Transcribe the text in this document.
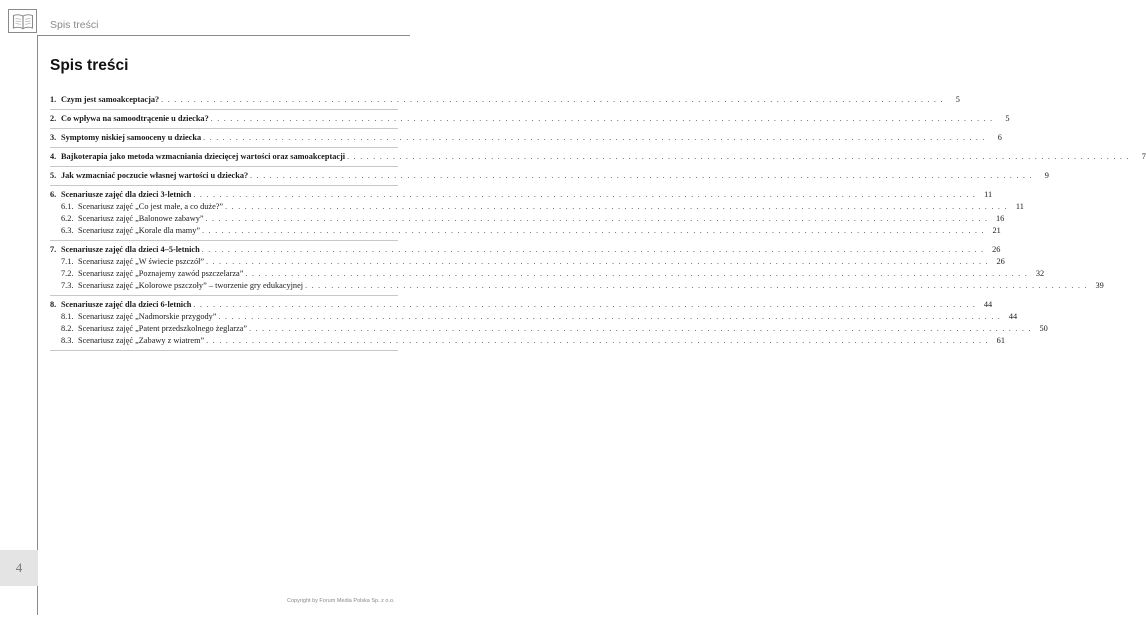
Spis treści
Spis treści
1. Czym jest samoakceptacja? . . . . . . . . . . . . . . . . . . . . . . . . . . . . . . . . . . . . . . . . . . . . . . . . . . . . . . . . . . . . . . . . . . . . . . . . . . . . . . . . . . . . . . . . . . . . . . . . . . . . . . . . . . . . . . . . . . . . . . . .	5
2. Co wpływa na samoodtrącenie u dziecka? . . . . . . . . . . . . . . . . . . . . . . . . . . . . . . . . . . . . . . . . . . . . . . . . . . . . . . . . . . . . . . . . . . . . . . . . . . . . . . . . . . . . . . . . . . . . . . . . . . . . . . . . . . . . . . . . . . . . . . . .	5
3. Symptomy niskiej samooceny u dziecka . . . . . . . . . . . . . . . . . . . . . . . . . . . . . . . . . . . . . . . . . . . . . . . . . . . . . . . . . . . . . . . . . . . . . . . . . . . . . . . . . . . . . . . . . . . . . . . . . . . . . . . . . . . . . . . . . . . . . . . .	6
4. Bajkoterapia jako metoda wzmacniania dziecięcej wartości oraz samoakceptacji . . . . . . . . . . . . . . . . . . . . . . . . . . . . . . . . . . . . . . . . . . . . . . . . . . . . . . . . . . . . . . . . . . . . . . . . . . . . . . . . . . . . . . . . . . . . . . . . . . . . . . . . . . . . . . . . . . . . . . . .	7
5. Jak wzmacniać poczucie własnej wartości u dziecka? . . . . . . . . . . . . . . . . . . . . . . . . . . . . . . . . . . . . . . . . . . . . . . . . . . . . . . . . . . . . . . . . . . . . . . . . . . . . . . . . . . . . . . . . . . . . . . . . . . . . . . . . . . . . . . . . . . . . . . . .	9
6. Scenariusze zajęć dla dzieci 3-letnich . . . . . . . . . . . . . . . . . . . . . . . . . . . . . . . . . . . . . . . . . . . . . . . . . . . . . . . . . . . . . . . . . . . . . . . . . . . . . . . . . . . . . . . . . . . . . . . . . . . . . . . . . . . . . . . . . . . . . . . . 11
6.1. Scenariusz zajęć „Co jest małe, a co duże?” . . . . . . . . . . . . . . . . . . . . . . . . . . . . . . . . . . . . . . . . . . . . . . . . . . . . . . . . . . . . . . . . . . . . . . . . . . . . . . . . . . . . . . . . . . . . . . . . . . . . . . . . . . . . . . . . . . . . . . . . 11
6.2. Scenariusz zajęć „Balonowe zabawy” . . . . . . . . . . . . . . . . . . . . . . . . . . . . . . . . . . . . . . . . . . . . . . . . . . . . . . . . . . . . . . . . . . . . . . . . . . . . . . . . . . . . . . . . . . . . . . . . . . . . . . . . . . . . . . . . . . . . . . . . 16
6.3. Scenariusz zajęć „Korale dla mamy” . . . . . . . . . . . . . . . . . . . . . . . . . . . . . . . . . . . . . . . . . . . . . . . . . . . . . . . . . . . . . . . . . . . . . . . . . . . . . . . . . . . . . . . . . . . . . . . . . . . . . . . . . . . . . . . . . . . . . . . . 21
7. Scenariusze zajęć dla dzieci 4–5-letnich . . . . . . . . . . . . . . . . . . . . . . . . . . . . . . . . . . . . . . . . . . . . . . . . . . . . . . . . . . . . . . . . . . . . . . . . . . . . . . . . . . . . . . . . . . . . . . . . . . . . . . . . . . . . . . . . . . . . . . . . 26
7.1. Scenariusz zajęć „W świecie pszczół” . . . . . . . . . . . . . . . . . . . . . . . . . . . . . . . . . . . . . . . . . . . . . . . . . . . . . . . . . . . . . . . . . . . . . . . . . . . . . . . . . . . . . . . . . . . . . . . . . . . . . . . . . . . . . . . . . . . . . . . . 26
7.2. Scenariusz zajęć „Poznajemy zawód pszczelarza” . . . . . . . . . . . . . . . . . . . . . . . . . . . . . . . . . . . . . . . . . . . . . . . . . . . . . . . . . . . . . . . . . . . . . . . . . . . . . . . . . . . . . . . . . . . . . . . . . . . . . . . . . . . . . . . . . . . . . . . . 32
7.3. Scenariusz zajęć „Kolorowe pszczoły” – tworzenie gry edukacyjnej . . . . . . . . . . . . . . . . . . . . . . . . . . . . . . . . . . . . . . . . . . . . . . . . . . . . . . . . . . . . . . . . . . . . . . . . . . . . . . . . . . . . . . . . . . . . . . . . . . . . . . . . . . . . . . . . . . . . . . . . 39
8. Scenariusze zajęć dla dzieci 6-letnich . . . . . . . . . . . . . . . . . . . . . . . . . . . . . . . . . . . . . . . . . . . . . . . . . . . . . . . . . . . . . . . . . . . . . . . . . . . . . . . . . . . . . . . . . . . . . . . . . . . . . . . . . . . . . . . . . . . . . . . . 44
8.1. Scenariusz zajęć „Nadmorskie przygody” . . . . . . . . . . . . . . . . . . . . . . . . . . . . . . . . . . . . . . . . . . . . . . . . . . . . . . . . . . . . . . . . . . . . . . . . . . . . . . . . . . . . . . . . . . . . . . . . . . . . . . . . . . . . . . . . . . . . . . . . 44
8.2. Scenariusz zajęć „Patent przedszkolnego żeglarza” . . . . . . . . . . . . . . . . . . . . . . . . . . . . . . . . . . . . . . . . . . . . . . . . . . . . . . . . . . . . . . . . . . . . . . . . . . . . . . . . . . . . . . . . . . . . . . . . . . . . . . . . . . . . . . . . . . . . . . . . 50
8.3. Scenariusz zajęć „Zabawy z wiatrem” . . . . . . . . . . . . . . . . . . . . . . . . . . . . . . . . . . . . . . . . . . . . . . . . . . . . . . . . . . . . . . . . . . . . . . . . . . . . . . . . . . . . . . . . . . . . . . . . . . . . . . . . . . . . . . . . . . . . . . . . 61
4
Copyright by Forum Media Polska Sp. z o.o.
